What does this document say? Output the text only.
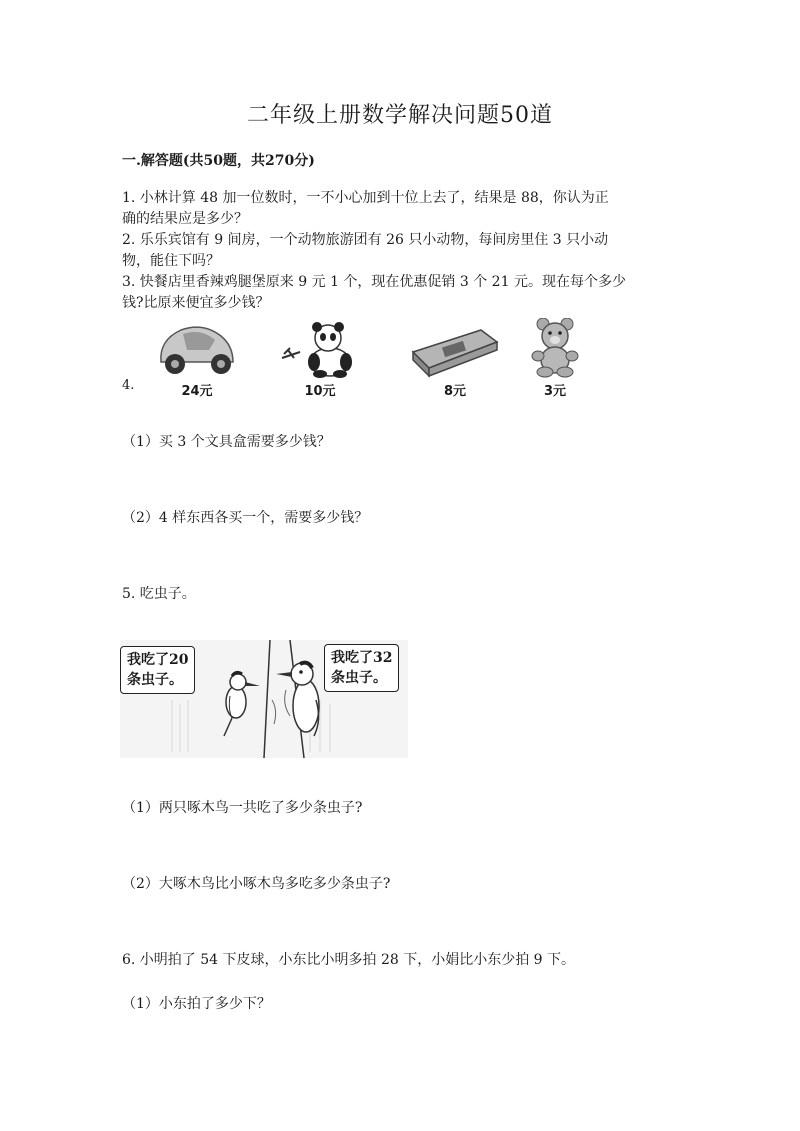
二年级上册数学解决问题50道
一.解答题(共50题，共270分)
1. 小林计算 48 加一位数时，一不小心加到十位上去了，结果是 88，你认为正
确的结果应是多少？
2. 乐乐宾馆有 9 间房，一个动物旅游团有 26 只小动物，每间房里住 3 只小动
物，能住下吗？
3. 快餐店里香辣鸡腿堡原来 9 元 1 个，现在优惠促销 3 个 21 元。现在每个多少
钱?比原来便宜多少钱？
4.	24元	10元	8元	3元
（1）买 3 个文具盒需要多少钱？
（2）4 样东西各买一个，需要多少钱？
5. 吃虫子。
我吃了20
条虫子。
我吃了32
条虫子。
（1）两只啄木鸟一共吃了多少条虫子?
（2）大啄木鸟比小啄木鸟多吃多少条虫子?
6. 小明拍了 54 下皮球，小东比小明多拍 28 下，小娟比小东少拍 9 下。
（1）小东拍了多少下？
